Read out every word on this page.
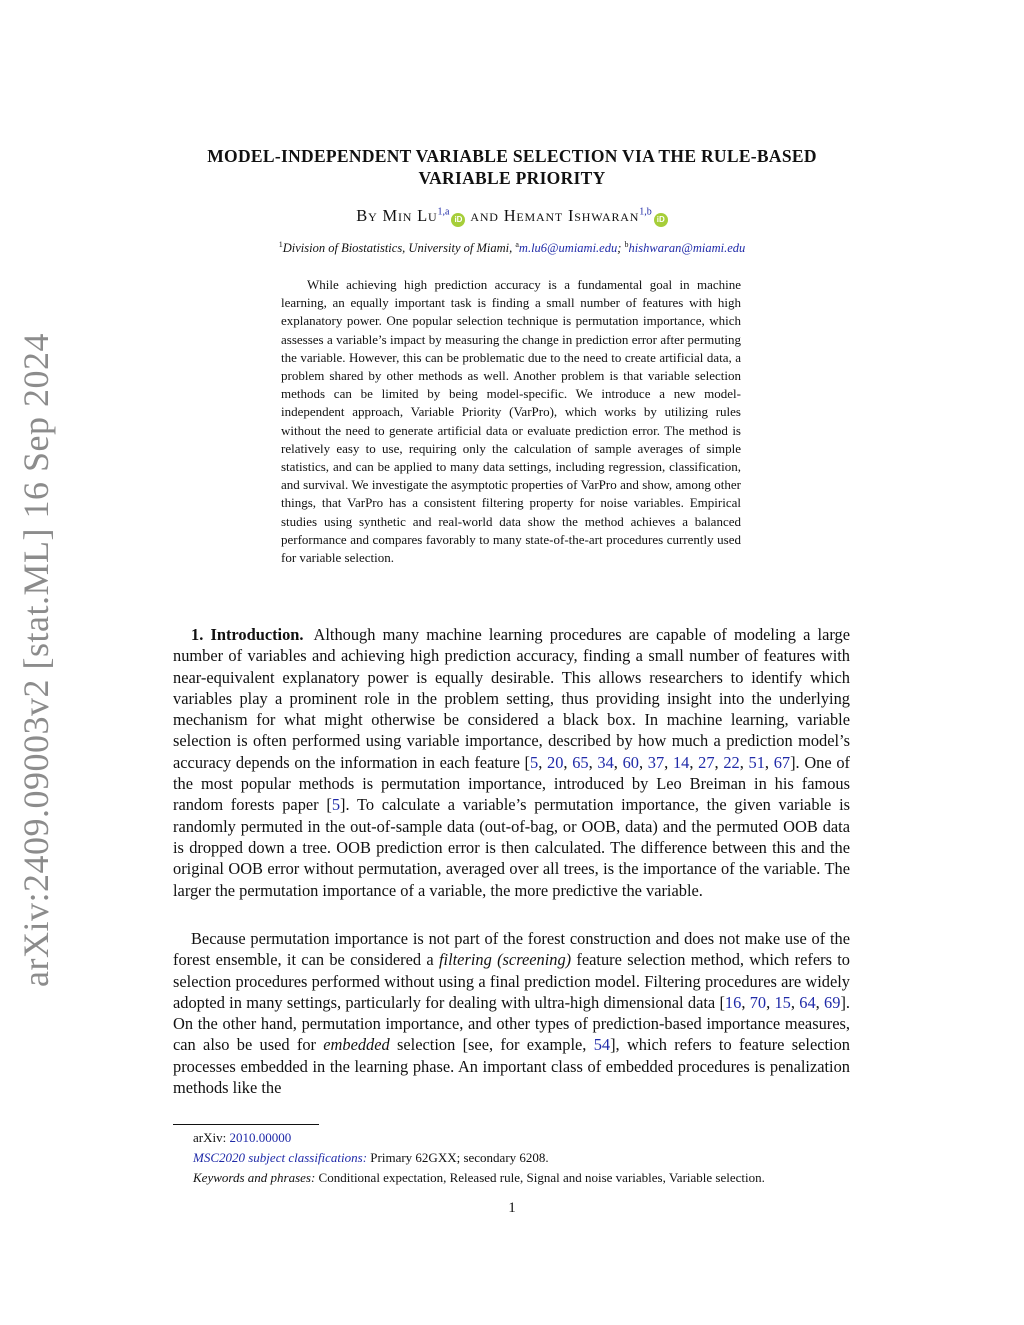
arXiv:2409.09003v2 [stat.ML] 16 Sep 2024
MODEL-INDEPENDENT VARIABLE SELECTION VIA THE RULE-BASED
VARIABLE PRIORITY
By Min Lu$^{1,a}$iD and Hemant Ishwaran$^{1,b}$iD
$^1$Division of Biostatistics, University of Miami, $^a$m.lu6@umiami.edu; $^b$hishwaran@miami.edu

While achieving high prediction accuracy is a fundamental goal in machine learning, an equally important task is finding a small number of features with high explanatory power. One popular selection technique is permutation importance, which assesses a variable’s impact by measuring the change in prediction error after permuting the variable. However, this can be problematic due to the need to create artificial data, a problem shared by other methods as well. Another problem is that variable selection methods can be limited by being model-specific. We introduce a new model-independent approach, Variable Priority (VarPro), which works by utilizing rules without the need to generate artificial data or evaluate prediction error. The method is relatively easy to use, requiring only the calculation of sample averages of simple statistics, and can be applied to many data settings, including regression, classification, and survival. We investigate the asymptotic properties of VarPro and show, among other things, that VarPro has a consistent filtering property for noise variables. Empirical studies using synthetic and real-world data show the method achieves a balanced performance and compares favorably to many state-of-the-art procedures currently used for variable selection.

1. Introduction. Although many machine learning procedures are capable of modeling a large number of variables and achieving high prediction accuracy, finding a small number of features with near-equivalent explanatory power is equally desirable. This allows researchers to identify which variables play a prominent role in the problem setting, thus providing insight into the underlying mechanism for what might otherwise be considered a black box. In machine learning, variable selection is often performed using variable importance, described by how much a prediction model’s accuracy depends on the information in each feature [5, 20, 65, 34, 60, 37, 14, 27, 22, 51, 67]. One of the most popular methods is permutation importance, introduced by Leo Breiman in his famous random forests paper [5]. To calculate a variable’s permutation importance, the given variable is randomly permuted in the out-of-sample data (out-of-bag, or OOB, data) and the permuted OOB data is dropped down a tree. OOB prediction error is then calculated. The difference between this and the original OOB error without permutation, averaged over all trees, is the importance of the variable. The larger the permutation importance of a variable, the more predictive the variable.

Because permutation importance is not part of the forest construction and does not make use of the forest ensemble, it can be considered a filtering (screening) feature selection method, which refers to selection procedures performed without using a final prediction model. Filtering procedures are widely adopted in many settings, particularly for dealing with ultra-high dimensional data [16, 70, 15, 64, 69]. On the other hand, permutation importance, and other types of prediction-based importance measures, can also be used for embedded selection [see, for example, 54], which refers to feature selection processes embedded in the learning phase. An important class of embedded procedures is penalization methods like the

arXiv: 2010.00000
MSC2020 subject classifications: Primary 62GXX; secondary 6208.
Keywords and phrases: Conditional expectation, Released rule, Signal and noise variables, Variable selection.
1
